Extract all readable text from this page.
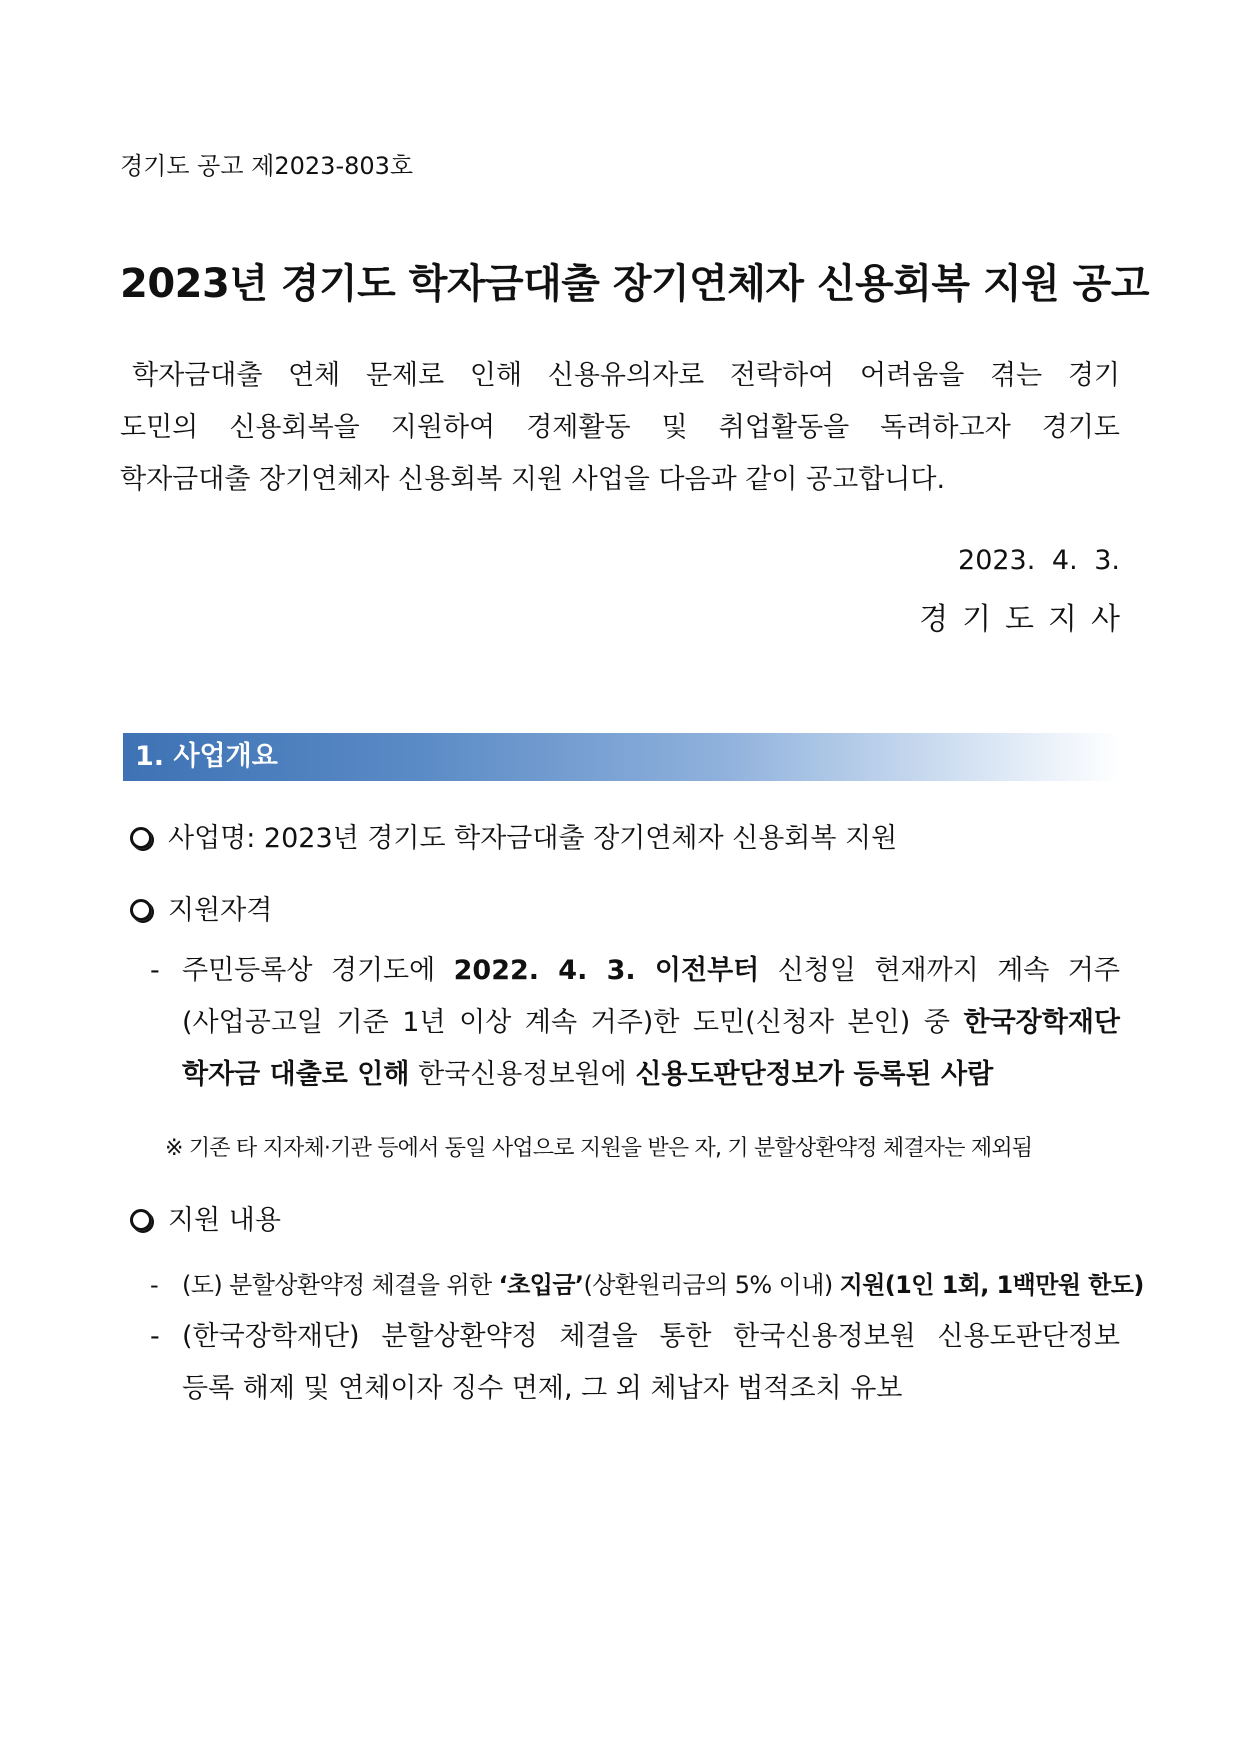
경기도 공고 제2023-803호
2023년 경기도 학자금대출 장기연체자 신용회복 지원 공고
학자금대출 연체 문제로 인해 신용유의자로 전락하여 어려움을 겪는 경기
도민의 신용회복을 지원하여 경제활동 및 취업활동을 독려하고자 경기도
학자금대출 장기연체자 신용회복 지원 사업을 다음과 같이 공고합니다.
2023. 4. 3.
경기도지사
1. 사업개요
사업명: 2023년 경기도 학자금대출 장기연체자 신용회복 지원
지원자격
- 주민등록상 경기도에 2022. 4. 3. 이전부터 신청일 현재까지 계속 거주
(사업공고일 기준 1년 이상 계속 거주)한 도민(신청자 본인) 중 한국장학재단
학자금 대출로 인해 한국신용정보원에 신용도판단정보가 등록된 사람
※ 기존 타 지자체·기관 등에서 동일 사업으로 지원을 받은 자, 기 분할상환약정 체결자는 제외됨
지원 내용
- (도) 분할상환약정 체결을 위한 ‘초입금’(상환원리금의 5% 이내) 지원(1인 1회, 1백만원 한도)
- (한국장학재단) 분할상환약정 체결을 통한 한국신용정보원 신용도판단정보
등록 해제 및 연체이자 징수 면제, 그 외 체납자 법적조치 유보
